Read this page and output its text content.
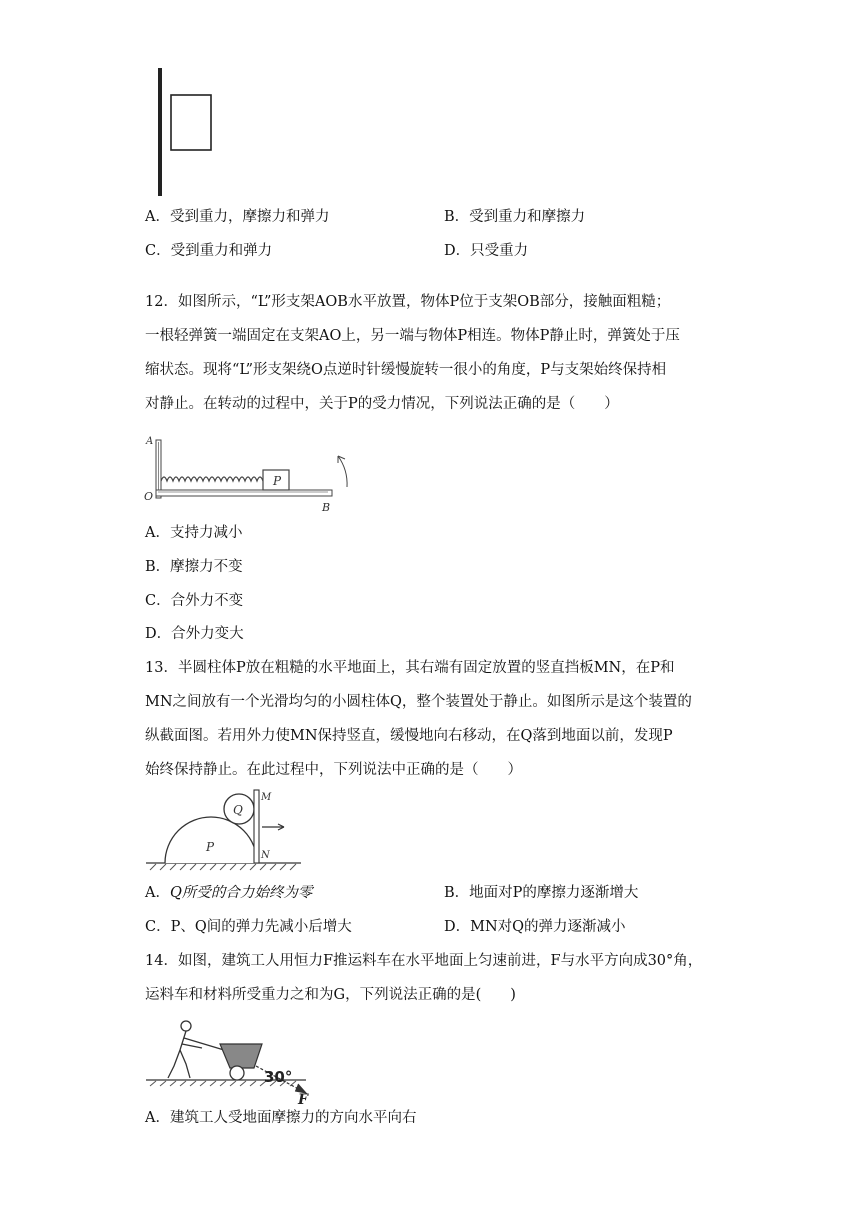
A．受到重力，摩擦力和弹力	B．受到重力和摩擦力
C．受到重力和弹力	D．只受重力
12．如图所示，“L”形支架AOB水平放置，物体P位于支架OB部分，接触面粗糙；
一根轻弹簧一端固定在支架AO上，另一端与物体P相连。物体P静止时，弹簧处于压
缩状态。现将“L”形支架绕O点逆时针缓慢旋转一很小的角度，P与支架始终保持相
对静止。在转动的过程中，关于P的受力情况，下列说法正确的是（　　）
P
A
O
B
A．支持力减小
B．摩擦力不变
C．合外力不变
D．合外力变大
13．半圆柱体P放在粗糙的水平地面上，其右端有固定放置的竖直挡板MN，在P和
MN之间放有一个光滑均匀的小圆柱体Q，整个装置处于静止。如图所示是这个装置的
纵截面图。若用外力使MN保持竖直，缓慢地向右移动，在Q落到地面以前，发现P
始终保持静止。在此过程中，下列说法中正确的是（　　）
P
Q
M
N
A．Q所受的合力始终为零	B．地面对P的摩擦力逐渐增大
C．P、Q间的弹力先减小后增大	D．MN对Q的弹力逐渐减小
14．如图，建筑工人用恒力F推运料车在水平地面上匀速前进，F与水平方向成30°角，
运料车和材料所受重力之和为G，下列说法正确的是(　　)
30°
F
A．建筑工人受地面摩擦力的方向水平向右
